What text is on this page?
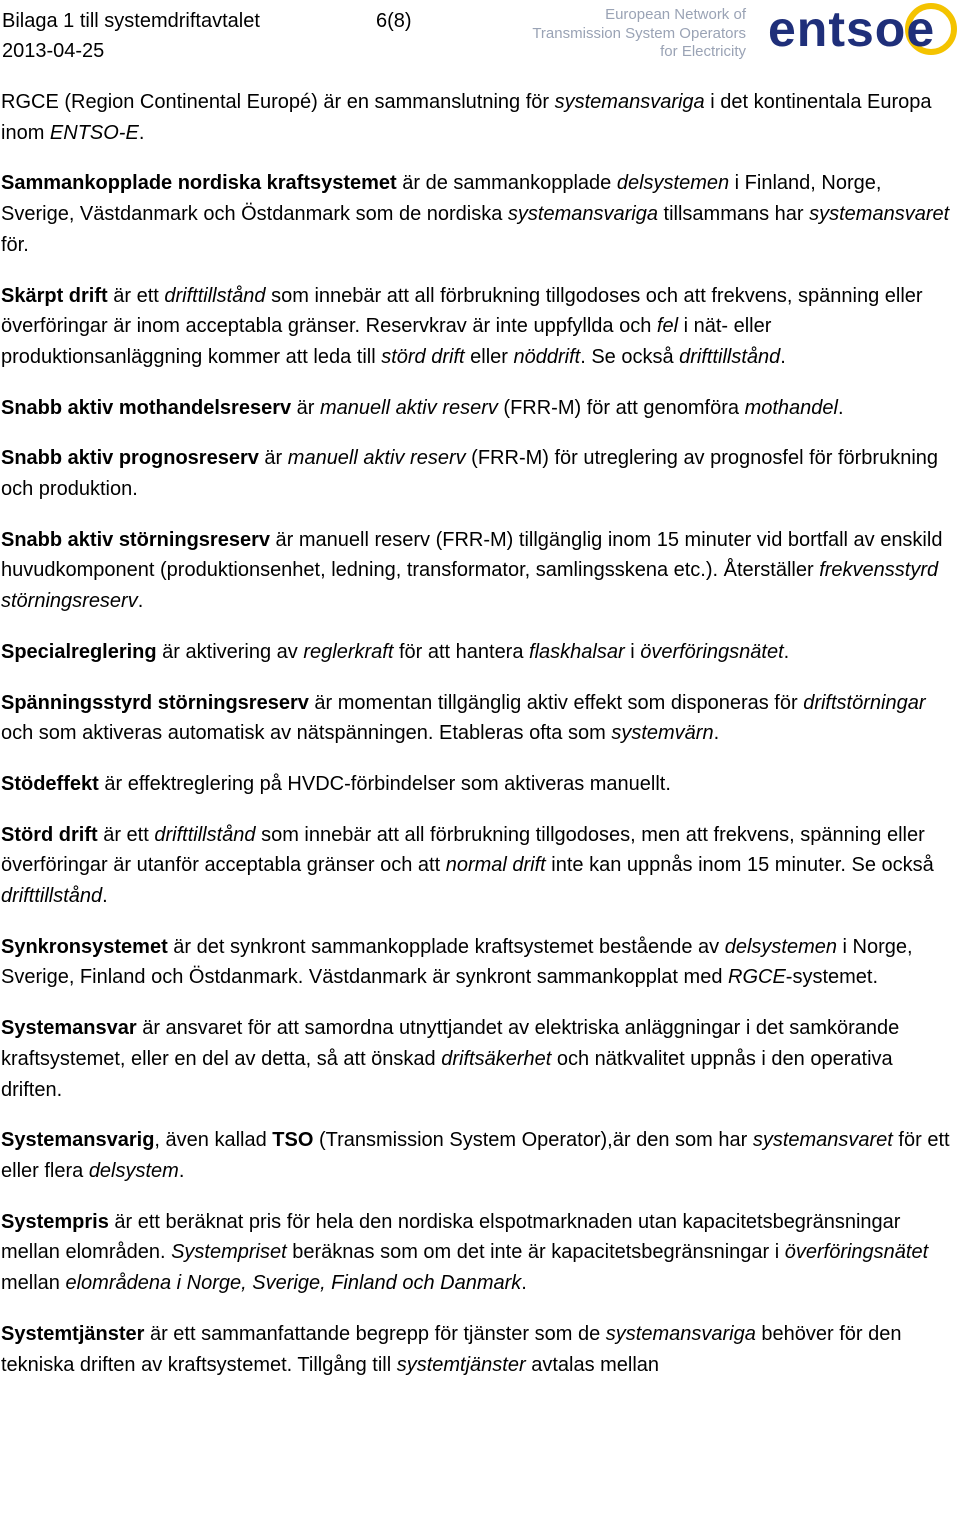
Bilaga 1 till systemdriftavtalet	6(8)
2013-04-25
European Network of
Transmission System Operators
for Electricity entsoe

RGCE (Region Continental Europé) är en sammanslutning för systemansvariga i det kontinentala Europa inom ENTSO-E.

Sammankopplade nordiska kraftsystemet är de sammankopplade delsystemen i Finland, Norge, Sverige, Västdanmark och Östdanmark som de nordiska systemansvariga tillsammans har systemansvaret för.

Skärpt drift är ett drifttillstånd som innebär att all förbrukning tillgodoses och att frekvens, spänning eller överföringar är inom acceptabla gränser. Reservkrav är inte uppfyllda och fel i nät- eller produktionsanläggning kommer att leda till störd drift eller nöddrift. Se också drifttillstånd.

Snabb aktiv mothandelsreserv är manuell aktiv reserv (FRR-M) för att genomföra mothandel.

Snabb aktiv prognosreserv är manuell aktiv reserv (FRR-M) för utreglering av prognosfel för förbrukning och produktion.

Snabb aktiv störningsreserv är manuell reserv (FRR-M) tillgänglig inom 15 minuter vid bortfall av enskild huvudkomponent (produktionsenhet, ledning, transformator, samlingsskena etc.). Återställer frekvensstyrd störningsreserv.

Specialreglering är aktivering av reglerkraft för att hantera flaskhalsar i överföringsnätet.

Spänningsstyrd störningsreserv är momentan tillgänglig aktiv effekt som disponeras för driftstörningar och som aktiveras automatisk av nätspänningen. Etableras ofta som systemvärn.

Stödeffekt är effektreglering på HVDC-förbindelser som aktiveras manuellt.

Störd drift är ett drifttillstånd som innebär att all förbrukning tillgodoses, men att frekvens, spänning eller överföringar är utanför acceptabla gränser och att normal drift inte kan uppnås inom 15 minuter. Se också drifttillstånd.

Synkronsystemet är det synkront sammankopplade kraftsystemet bestående av delsystemen i Norge, Sverige, Finland och Östdanmark. Västdanmark är synkront sammankopplat med RGCE-systemet.

Systemansvar är ansvaret för att samordna utnyttjandet av elektriska anläggningar i det samkörande kraftsystemet, eller en del av detta, så att önskad driftsäkerhet och nätkvalitet uppnås i den operativa driften.

Systemansvarig, även kallad TSO (Transmission System Operator),är den som har systemansvaret för ett eller flera delsystem.

Systempris är ett beräknat pris för hela den nordiska elspotmarknaden utan kapacitetsbegränsningar mellan elområden. Systempriset beräknas som om det inte är kapacitetsbegränsningar i överföringsnätet mellan elområdena i Norge, Sverige, Finland och Danmark.

Systemtjänster är ett sammanfattande begrepp för tjänster som de systemansvariga behöver för den tekniska driften av kraftsystemet. Tillgång till systemtjänster avtalas mellan
